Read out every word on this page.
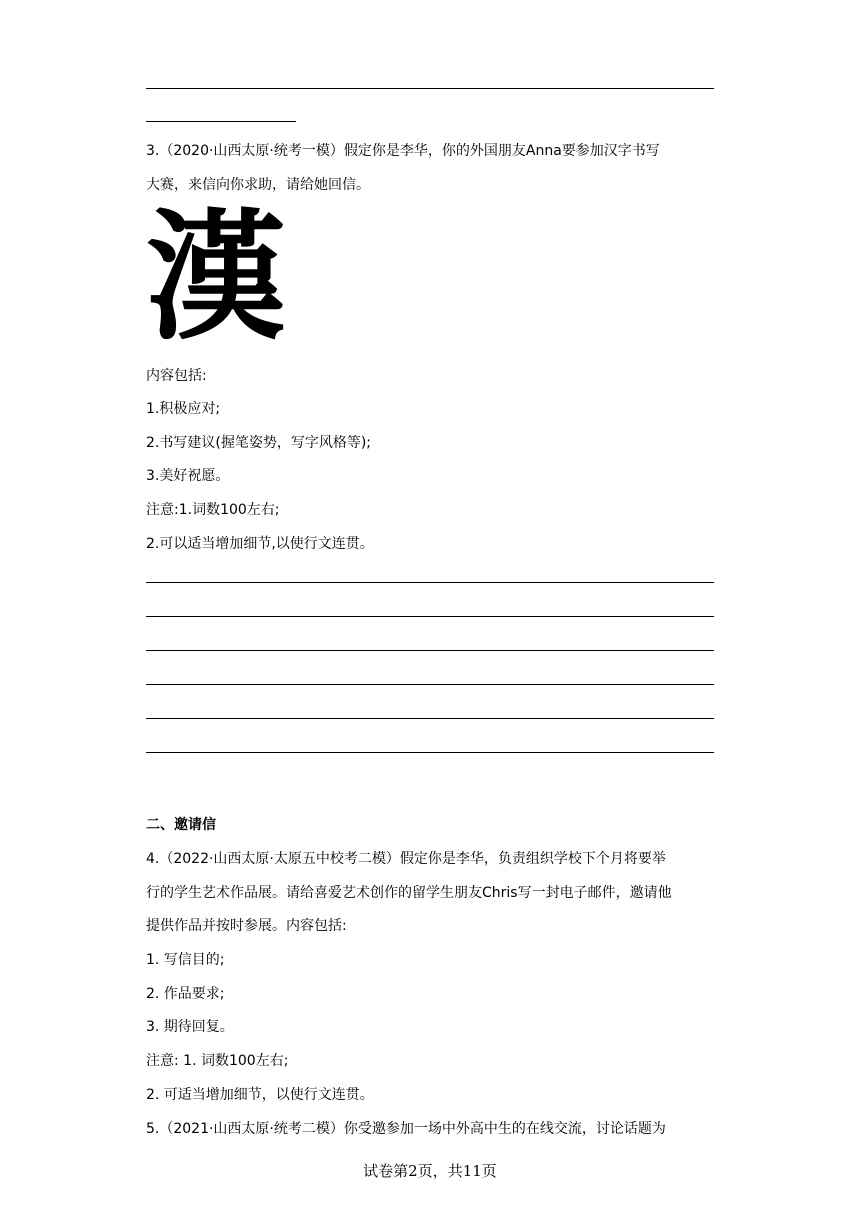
3.（2020·山西太原·统考一模）假定你是李华，你的外国朋友Anna要参加汉字书写
大赛，来信向你求助，请给她回信。
漢
内容包括:
1.积极应对;
2.书写建议(握笔姿势，写字风格等);
3.美好祝愿。
注意:1.词数100左右;
2.可以适当增加细节,以使行文连贯。
二、邀请信
4.（2022·山西太原·太原五中校考二模）假定你是李华，负责组织学校下个月将要举
行的学生艺术作品展。请给喜爱艺术创作的留学生朋友Chris写一封电子邮件，邀请他
提供作品并按时参展。内容包括:
1. 写信目的;
2. 作品要求;
3. 期待回复。
注意: 1. 词数100左右;
2. 可适当增加细节，以使行文连贯。
5.（2021·山西太原·统考二模）你受邀参加一场中外高中生的在线交流，讨论话题为
试卷第2页，共11页
